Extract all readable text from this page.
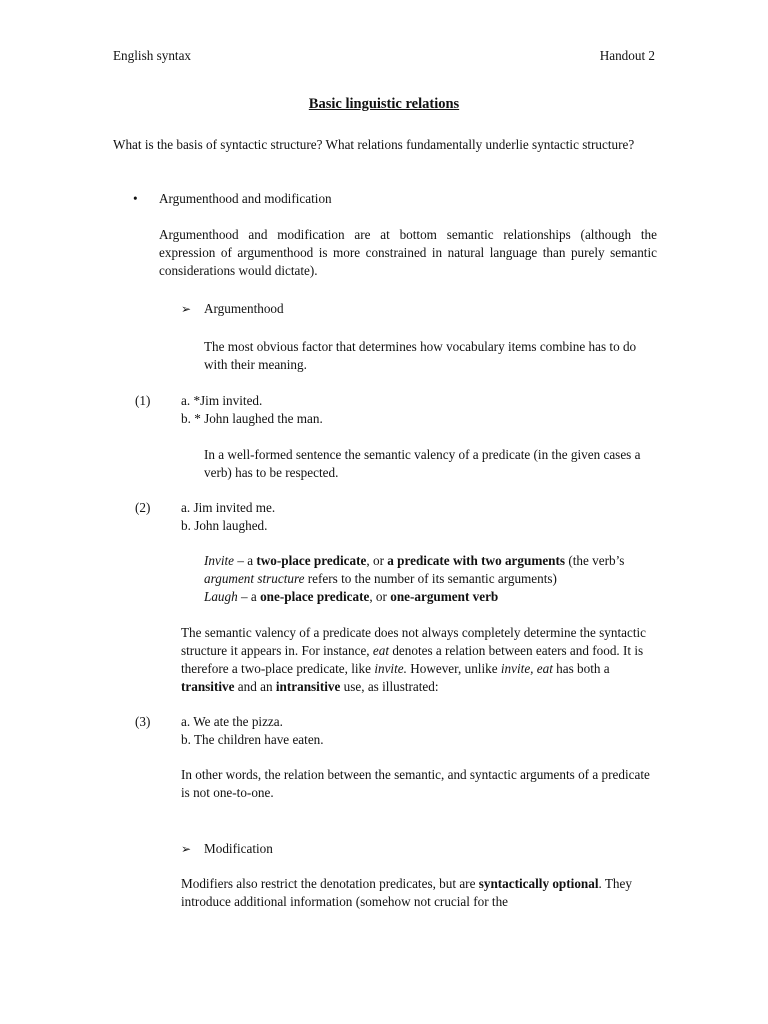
English syntax	Handout 2
Basic linguistic relations
What is the basis of syntactic structure? What relations fundamentally underlie syntactic structure?
• Argumenthood and modification
Argumenthood and modification are at bottom semantic relationships (although the expression of argumenthood is more constrained in natural language than purely semantic considerations would dictate).
➢ Argumenthood
The most obvious factor that determines how vocabulary items combine has to do with their meaning.
(1) a. *Jim invited.
b. * John laughed the man.
In a well-formed sentence the semantic valency of a predicate (in the given cases a verb) has to be respected.
(2) a. Jim invited me.
b. John laughed.
Invite – a two-place predicate, or a predicate with two arguments (the verb’s argument structure refers to the number of its semantic arguments)
Laugh – a one-place predicate, or one-argument verb
The semantic valency of a predicate does not always completely determine the syntactic structure it appears in. For instance, eat denotes a relation between eaters and food. It is therefore a two-place predicate, like invite. However, unlike invite, eat has both a transitive and an intransitive use, as illustrated:
(3) a. We ate the pizza.
b. The children have eaten.
In other words, the relation between the semantic, and syntactic arguments of a predicate is not one-to-one.
➢ Modification
Modifiers also restrict the denotation predicates, but are syntactically optional. They introduce additional information (somehow not crucial for the
